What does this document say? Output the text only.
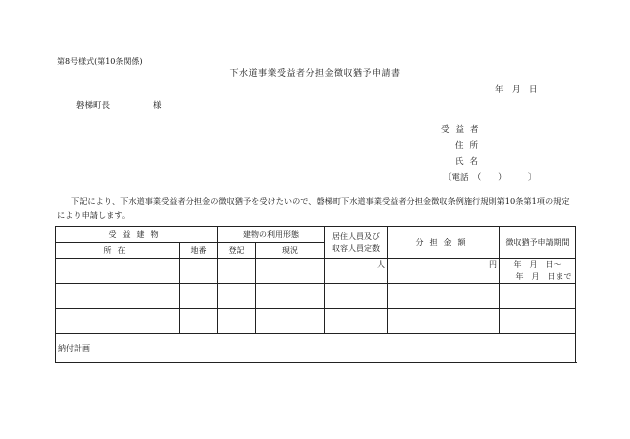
第8号様式(第10条関係)
下水道事業受益者分担金徴収猶予申請書
年　月　日
磐梯町長	様
受益者
住所
氏名
〔電話　（　　）　　　〕
下記により、下水道事業受益者分担金の徴収猶予を受けたいので、磐梯町下水道事業受益者分担金徴収条例施行規則第10条第1項の規定により申請します。
受益建物		建物の利用形態		居住人員及び
収容人員定数	分担金額	徴収猶予申請期間	
所在	地番	登記	現況				
				人	円	年　月　日～
年　月　日まで	

納付計画							
